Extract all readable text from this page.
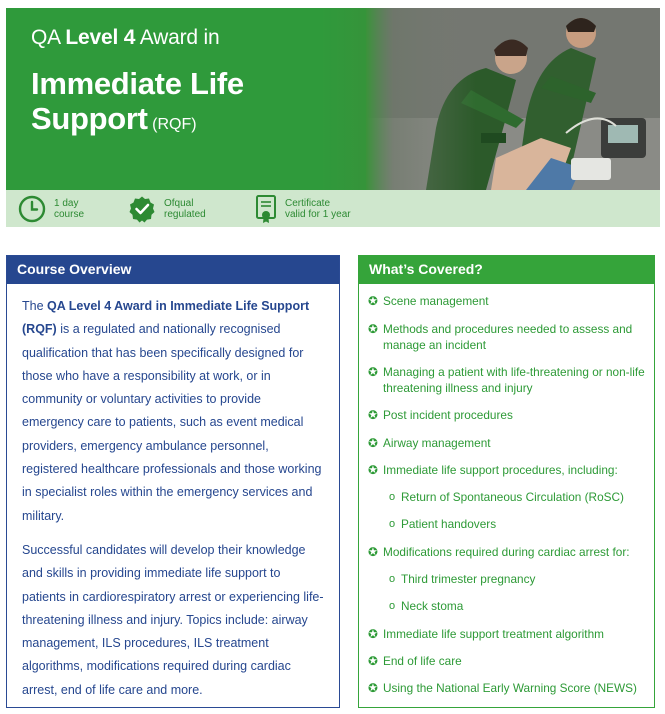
QA Level 4 Award in
Immediate Life
Support (RQF)
1 day
course
Ofqual
regulated
Certificate
valid for 1 year
Course Overview

The QA Level 4 Award in Immediate Life Support (RQF) is a regulated and nationally recognised qualification that has been specifically designed for those who have a responsibility at work, or in community or voluntary activities to provide emergency care to patients, such as event medical providers, emergency ambulance personnel, registered healthcare professionals and those working in specialist roles within the emergency services and military.

Successful candidates will develop their knowledge and skills in providing immediate life support to patients in cardiorespiratory arrest or experiencing life-threatening illness and injury. Topics include: airway management, ILS procedures, ILS treatment algorithms, modifications required during cardiac arrest, end of life care and more.

What’s Covered?
✪ Scene management
✪ Methods and procedures needed to assess and manage an incident
✪ Managing a patient with life-threatening or non-life threatening illness and injury
✪ Post incident procedures
✪ Airway management
✪ Immediate life support procedures, including:
o Return of Spontaneous Circulation (RoSC)
o Patient handovers
✪ Modifications required during cardiac arrest for:
o Third trimester pregnancy
o Neck stoma
✪ Immediate life support treatment algorithm
✪ End of life care
✪ Using the National Early Warning Score (NEWS)
